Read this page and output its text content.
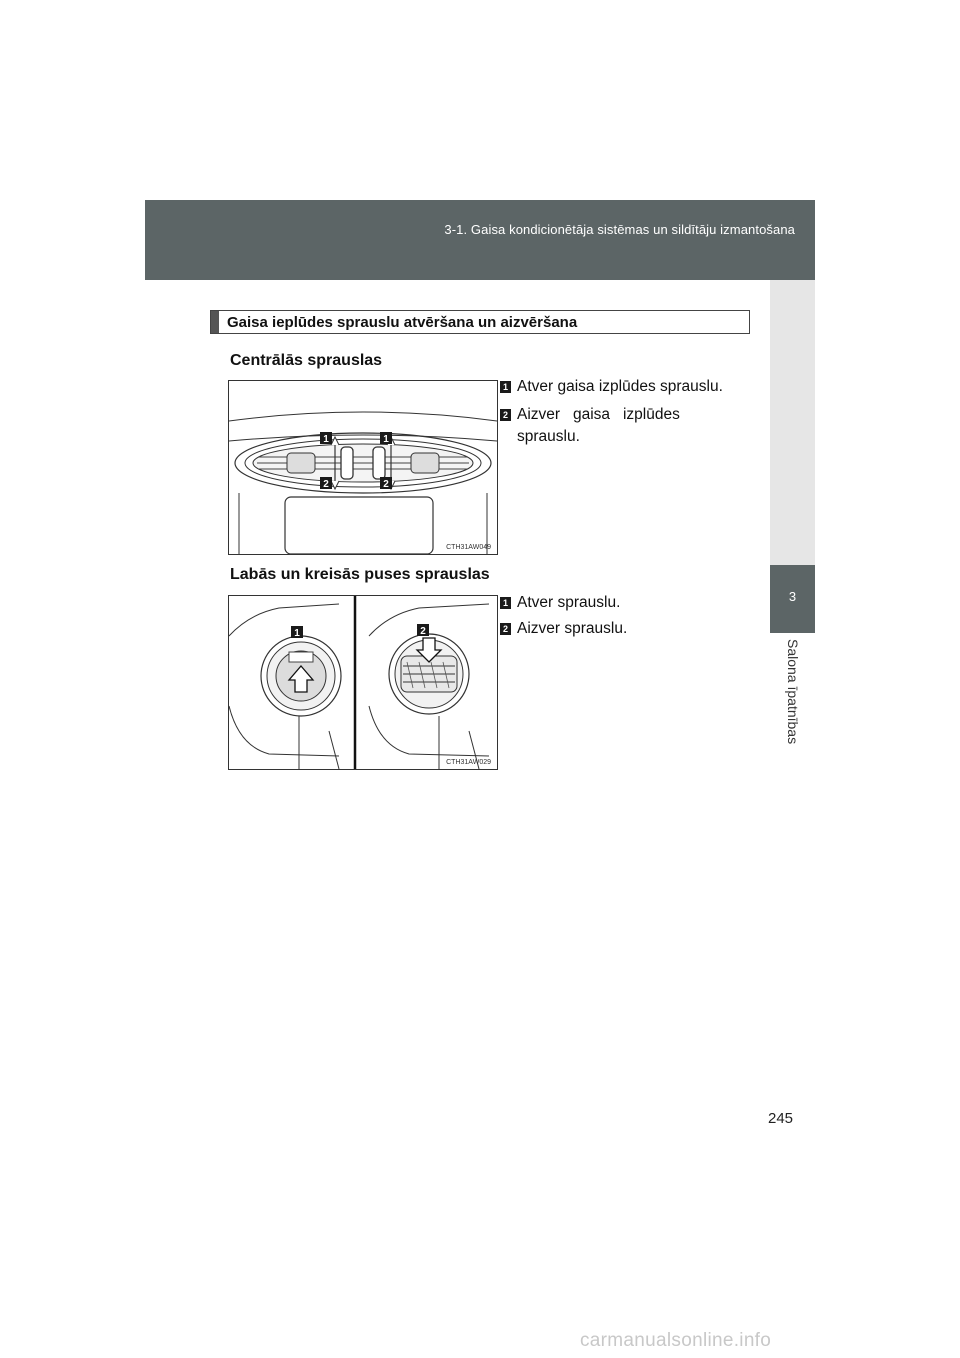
3-1. Gaisa kondicionētāja sistēmas un sildītāju izmantošana
3
Salona īpatnības
Gaisa ieplūdes sprauslu atvēršana un aizvēršana
Centrālās sprauslas
1	1
2	2
CTH31AW049
1 Atver gaisa izplūdes sprauslu.
2 Aizver   gaisa   izplūdes
sprauslu.
Labās un kreisās puses sprauslas
1	2
CTH31AW029
1 Atver sprauslu.
2 Aizver sprauslu.
245
carmanualsonline.info
